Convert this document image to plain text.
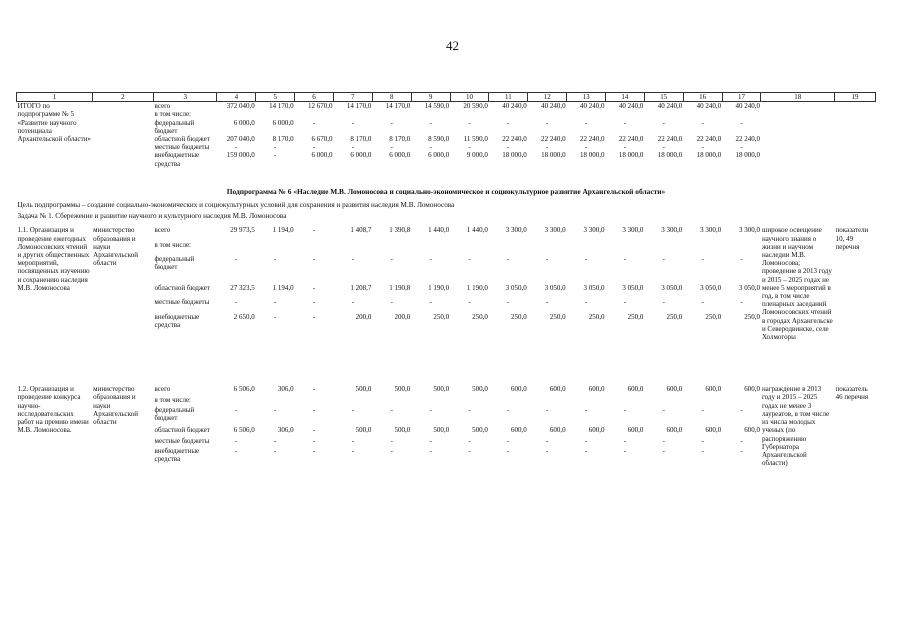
42
1	2	3	4	5	6	7	8	9	10	11	12	13	14	15	16	17	18	19
ИТОГО по подпрограмме № 5 «Развитие научного потенциала Архангельской области»		всего	372 040,0	14 170,0	12 670,0	14 170,0	14 170,0	14 590,0	20 590,0	40 240,0	40 240,0	40 240,0	40 240,0	40 240,0	40 240,0	40 240,0		
		в том числе:																
		федеральный бюджет	6 000,0	6 000,0	-	-	-	-	-	-	-	-	-	-	-	-		
		областной бюджет	207 040,0	8 170,0	6 670,0	8 170,0	8 170,0	8 590,0	11 590,0	22 240,0	22 240,0	22 240,0	22 240,0	22 240,0	22 240,0	22 240,0		
		местные бюджеты	-	-	-	-	-	-	-	-	-	-	-	-	-	-		
		внебюджетные средства	159 000,0	-	6 000,0	6 000,0	6 000,0	6 000,0	9 000,0	18 000,0	18 000,0	18 000,0	18 000,0	18 000,0	18 000,0	18 000,0		

Подпрограмма № 6 «Наследие М.В. Ломоносова и социально-экономическое и социокультурное развитие Архангельской области»																		
Цель подпрограммы – создание социально-экономических и социокультурных условий для сохранения и развития наследия М.В. Ломоносова																		
Задача № 1. Сбережение и развитие научного и культурного наследия М.В. Ломоносова																		

1.1. Организация и проведение ежегодных Ломоносовских чтений и других общественных мероприятий, посвященных изучению и сохранению наследия М.В. Ломоносова	министерство образования и науки Архангельской области	всего	29 973,5	1 194,0	-	1 408,7	1 390,8	1 440,0	1 440,0	3 300,0	3 300,0	3 300,0	3 300,0	3 300,0	3 300,0	3 300,0	широкое освещение научного знания о жизни и научном наследии М.В. Ломоносова; проведение в 2013 году и 2015 – 2025 годах не менее 5 мероприятий в год, в том числе пленарных заседаний Ломоносовских чтений в городах Архангельске и Северодвинске, селе Холмогоры	показатели 10, 49 перечня
		в том числе:																
		федеральный бюджет	-	-	-	-	-	-	-	-	-	-	-	-	-	-		
		областной бюджет	27 323,5	1 194,0	-	1 208,7	1 190,8	1 190,0	1 190,0	3 050,0	3 050,0	3 050,0	3 050,0	3 050,0	3 050,0	3 050,0		
		местные бюджеты	-	-	-	-	-	-	-	-	-	-	-	-	-	-		
		внебюджетные средства	2 650,0	-	-	200,0	200,0	250,0	250,0	250,0	250,0	250,0	250,0	250,0	250,0	250,0		

1.2. Организация и проведение конкурса научно-исследовательских работ на премию имени М.В. Ломоносова.	министерство образования и науки Архангельской области	всего	6 506,0	306,0	-	500,0	500,0	500,0	500,0	600,0	600,0	600,0	600,0	600,0	600,0	600,0	награждение в 2013 году и 2015 – 2025 годах не менее 3 лауреатов, в том числе из числа молодых ученых (по распоряжению Губернатора Архангельской области)	показатель 46 перечня
		в том числе:																
		федеральный бюджет	-	-	-	-	-	-	-	-	-	-	-	-	-	-		
		областной бюджет	6 506,0	306,0	-	500,0	500,0	500,0	500,0	600,0	600,0	600,0	600,0	600,0	600,0	600,0		
		местные бюджеты	-	-	-	-	-	-	-	-	-	-	-	-	-	-		
		внебюджетные средства	-	-	-	-	-	-	-	-	-	-	-	-	-	-		
